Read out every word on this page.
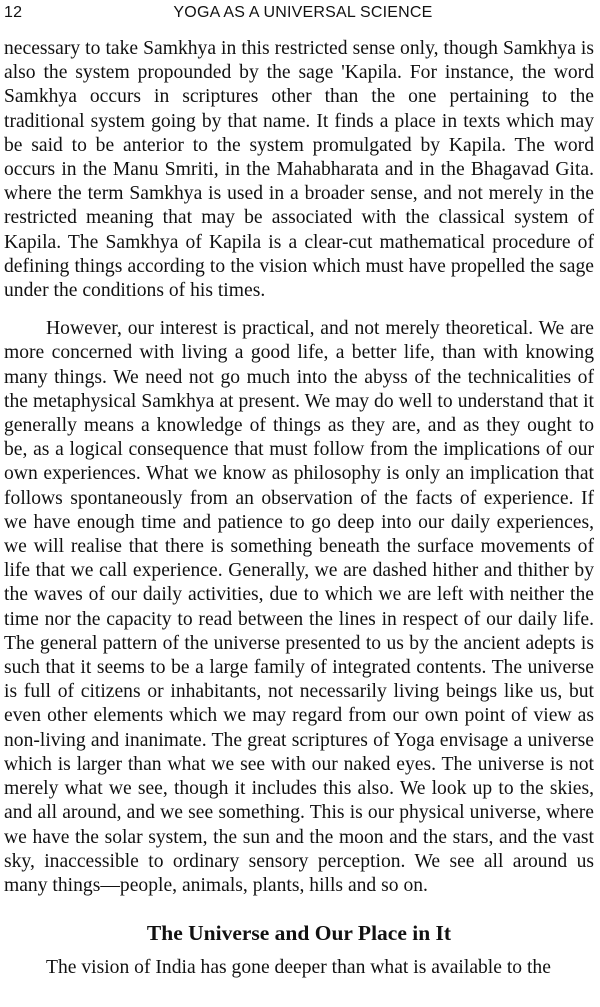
12	YOGA AS A UNIVERSAL SCIENCE

necessary to take Samkhya in this restricted sense only, though Samkhya is also the system propounded by the sage 'Kapila. For instance, the word Samkhya occurs in scriptures other than the one pertaining to the traditional system going by that name. It finds a place in texts which may be said to be anterior to the system promulgated by Kapila. The word occurs in the Manu Smriti, in the Mahabharata and in the Bhagavad Gita. where the term Samkhya is used in a broader sense, and not merely in the restricted meaning that may be associated with the classical system of Kapila. The Samkhya of Kapila is a clear-cut mathematical procedure of defining things according to the vision which must have propelled the sage under the conditions of his times.

However, our interest is practical, and not merely theoretical. We are more concerned with living a good life, a better life, than with knowing many things. We need not go much into the abyss of the technicalities of the metaphysical Samkhya at present. We may do well to understand that it generally means a knowledge of things as they are, and as they ought to be, as a logical consequence that must follow from the implications of our own experiences. What we know as philosophy is only an implication that follows spontaneously from an observation of the facts of experience. If we have enough time and patience to go deep into our daily experiences, we will realise that there is something beneath the surface movements of life that we call experience. Generally, we are dashed hither and thither by the waves of our daily activities, due to which we are left with neither the time nor the capacity to read between the lines in respect of our daily life. The general pattern of the universe presented to us by the ancient adepts is such that it seems to be a large family of integrated contents. The universe is full of citizens or inhabitants, not necessarily living beings like us, but even other elements which we may regard from our own point of view as non-living and inanimate. The great scriptures of Yoga envisage a universe which is larger than what we see with our naked eyes. The universe is not merely what we see, though it includes this also. We look up to the skies, and all around, and we see something. This is our physical universe, where we have the solar system, the sun and the moon and the stars, and the vast sky, inaccessible to ordinary sensory perception. We see all around us many things—people, animals, plants, hills and so on.

The Universe and Our Place in It

The vision of India has gone deeper than what is available to the
